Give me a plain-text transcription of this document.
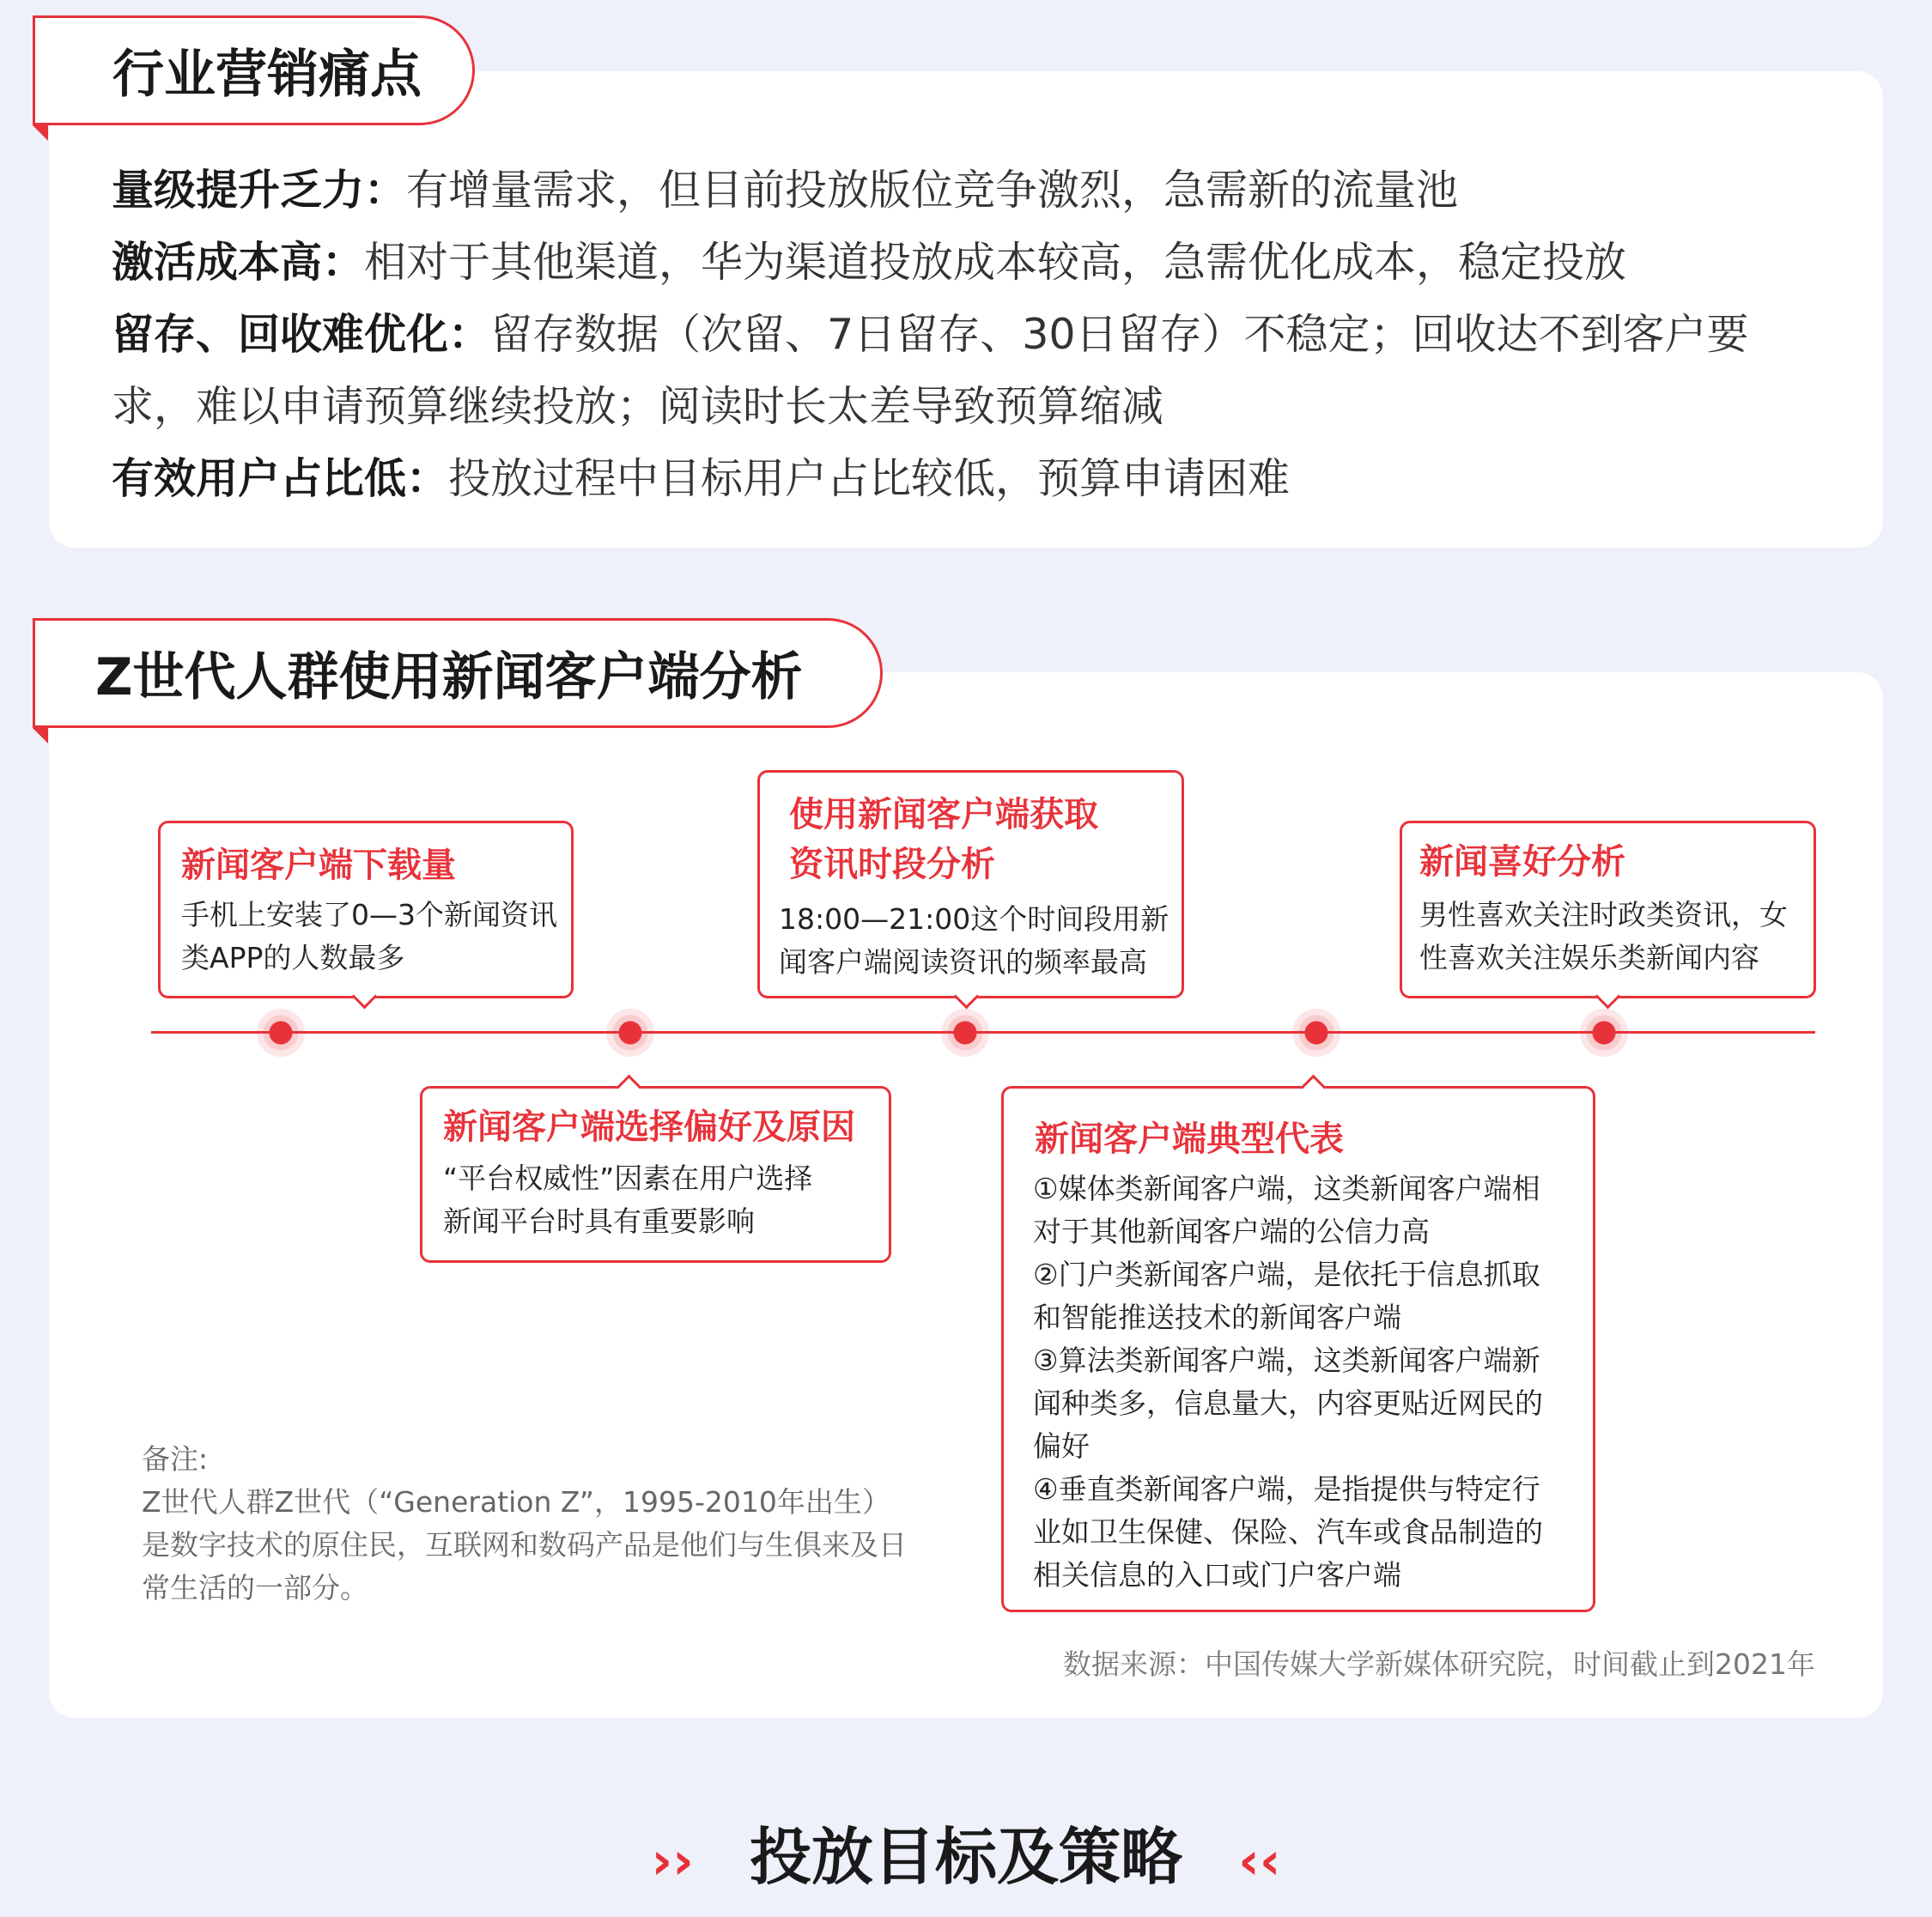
行业营销痛点
量级提升乏力：有增量需求，但目前投放版位竞争激烈，急需新的流量池
激活成本高：相对于其他渠道，华为渠道投放成本较高，急需优化成本，稳定投放
留存、回收难优化：留存数据（次留、7日留存、30日留存）不稳定；回收达不到客户要
求，难以申请预算继续投放；阅读时长太差导致预算缩减
有效用户占比低：投放过程中目标用户占比较低，预算申请困难
Z世代人群使用新闻客户端分析
新闻客户端下载量
手机上安装了0—3个新闻资讯
类APP的人数最多
新闻客户端选择偏好及原因
“平台权威性”因素在用户选择
新闻平台时具有重要影响
使用新闻客户端获取
资讯时段分析
18:00—21:00这个时间段用新
闻客户端阅读资讯的频率最高
新闻客户端典型代表
①媒体类新闻客户端，这类新闻客户端相
对于其他新闻客户端的公信力高
②门户类新闻客户端，是依托于信息抓取
和智能推送技术的新闻客户端
③算法类新闻客户端，这类新闻客户端新
闻种类多，信息量大，内容更贴近网民的
偏好
④垂直类新闻客户端，是指提供与特定行
业如卫生保健、保险、汽车或食品制造的
相关信息的入口或门户客户端
新闻喜好分析
男性喜欢关注时政类资讯，女
性喜欢关注娱乐类新闻内容
备注:
Z世代人群Z世代（“Generation Z”，1995-2010年出生）
是数字技术的原住民，互联网和数码产品是他们与生俱来及日
常生活的一部分。
数据来源：中国传媒大学新媒体研究院，时间截止到2021年
›› 投放目标及策略 ‹‹
